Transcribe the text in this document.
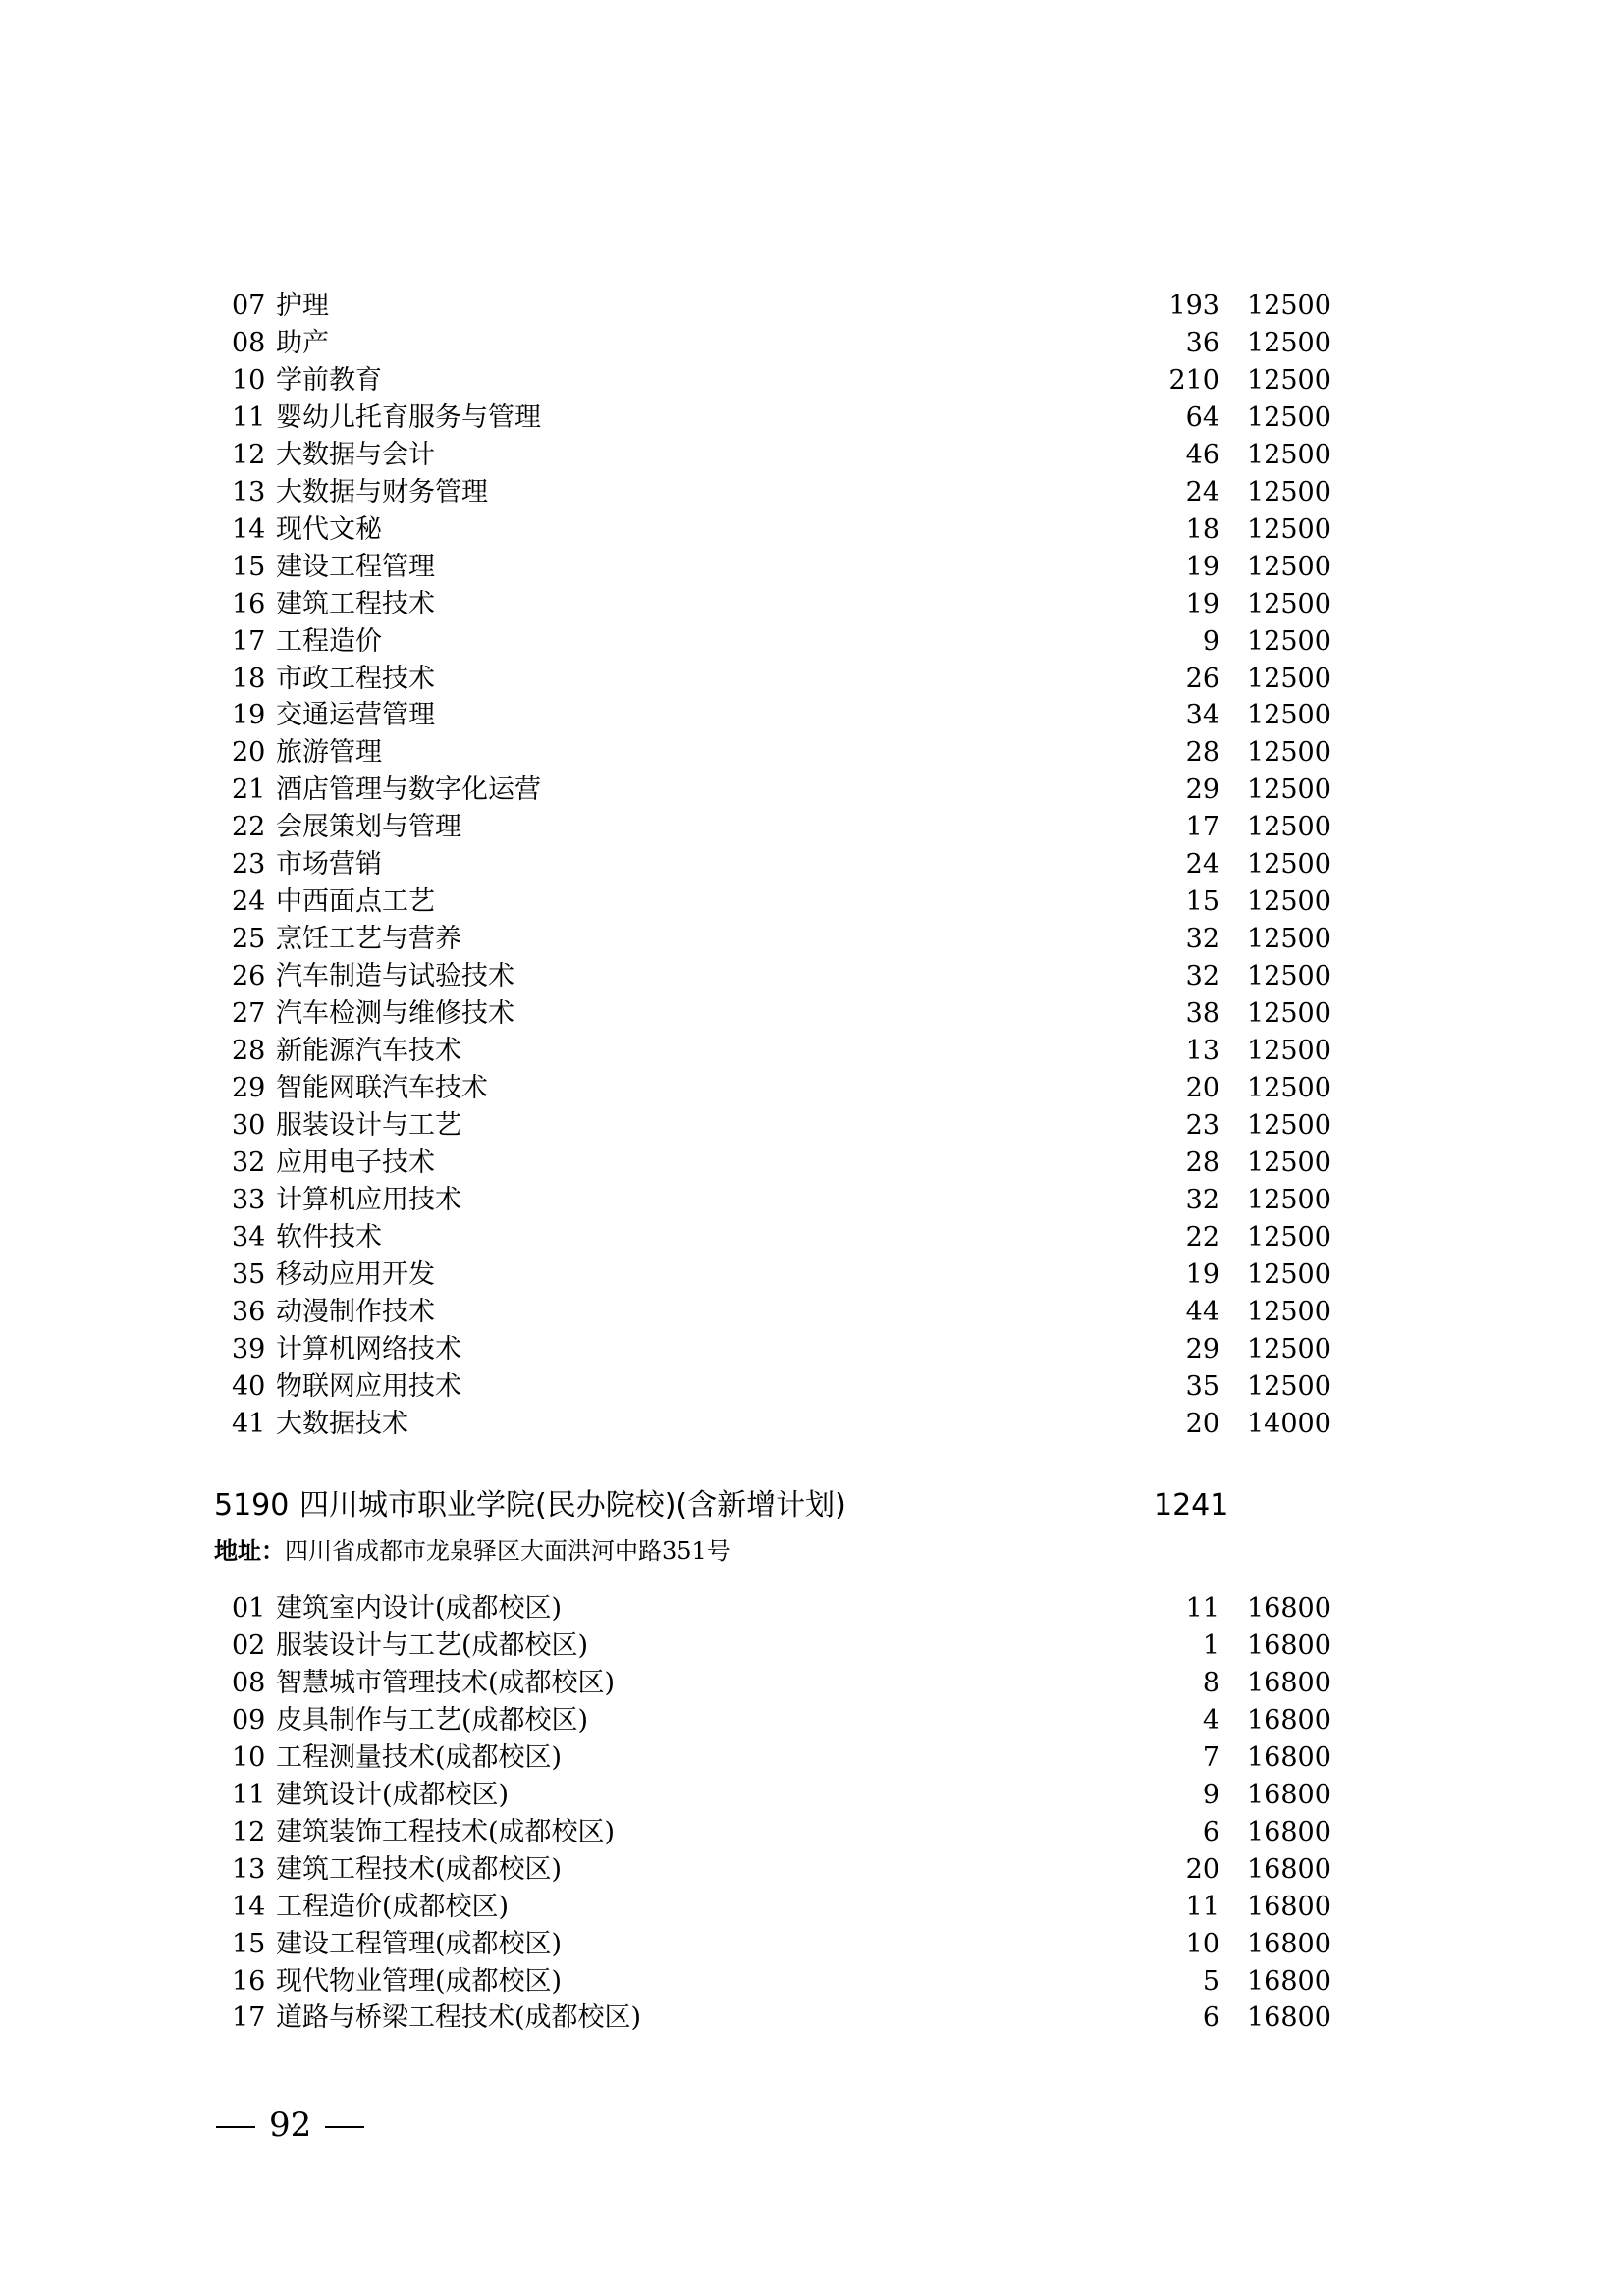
07 护理	193 12500
08 助产	36 12500
10 学前教育	210 12500
11 婴幼儿托育服务与管理	64 12500
12 大数据与会计	46 12500
13 大数据与财务管理	24 12500
14 现代文秘	18 12500
15 建设工程管理	19 12500
16 建筑工程技术	19 12500
17 工程造价	9 12500
18 市政工程技术	26 12500
19 交通运营管理	34 12500
20 旅游管理	28 12500
21 酒店管理与数字化运营	29 12500
22 会展策划与管理	17 12500
23 市场营销	24 12500
24 中西面点工艺	15 12500
25 烹饪工艺与营养	32 12500
26 汽车制造与试验技术	32 12500
27 汽车检测与维修技术	38 12500
28 新能源汽车技术	13 12500
29 智能网联汽车技术	20 12500
30 服装设计与工艺	23 12500
32 应用电子技术	28 12500
33 计算机应用技术	32 12500
34 软件技术	22 12500
35 移动应用开发	19 12500
36 动漫制作技术	44 12500
39 计算机网络技术	29 12500
40 物联网应用技术	35 12500
41 大数据技术	20 14000
5190 四川城市职业学院(民办院校)(含新增计划)	1241
地址：四川省成都市龙泉驿区大面洪河中路351号
01 建筑室内设计(成都校区)	11 16800
02 服装设计与工艺(成都校区)	1 16800
08 智慧城市管理技术(成都校区)	8 16800
09 皮具制作与工艺(成都校区)	4 16800
10 工程测量技术(成都校区)	7 16800
11 建筑设计(成都校区)	9 16800
12 建筑装饰工程技术(成都校区)	6 16800
13 建筑工程技术(成都校区)	20 16800
14 工程造价(成都校区)	11 16800
15 建设工程管理(成都校区)	10 16800
16 现代物业管理(成都校区)	5 16800
17 道路与桥梁工程技术(成都校区)	6 16800
92
